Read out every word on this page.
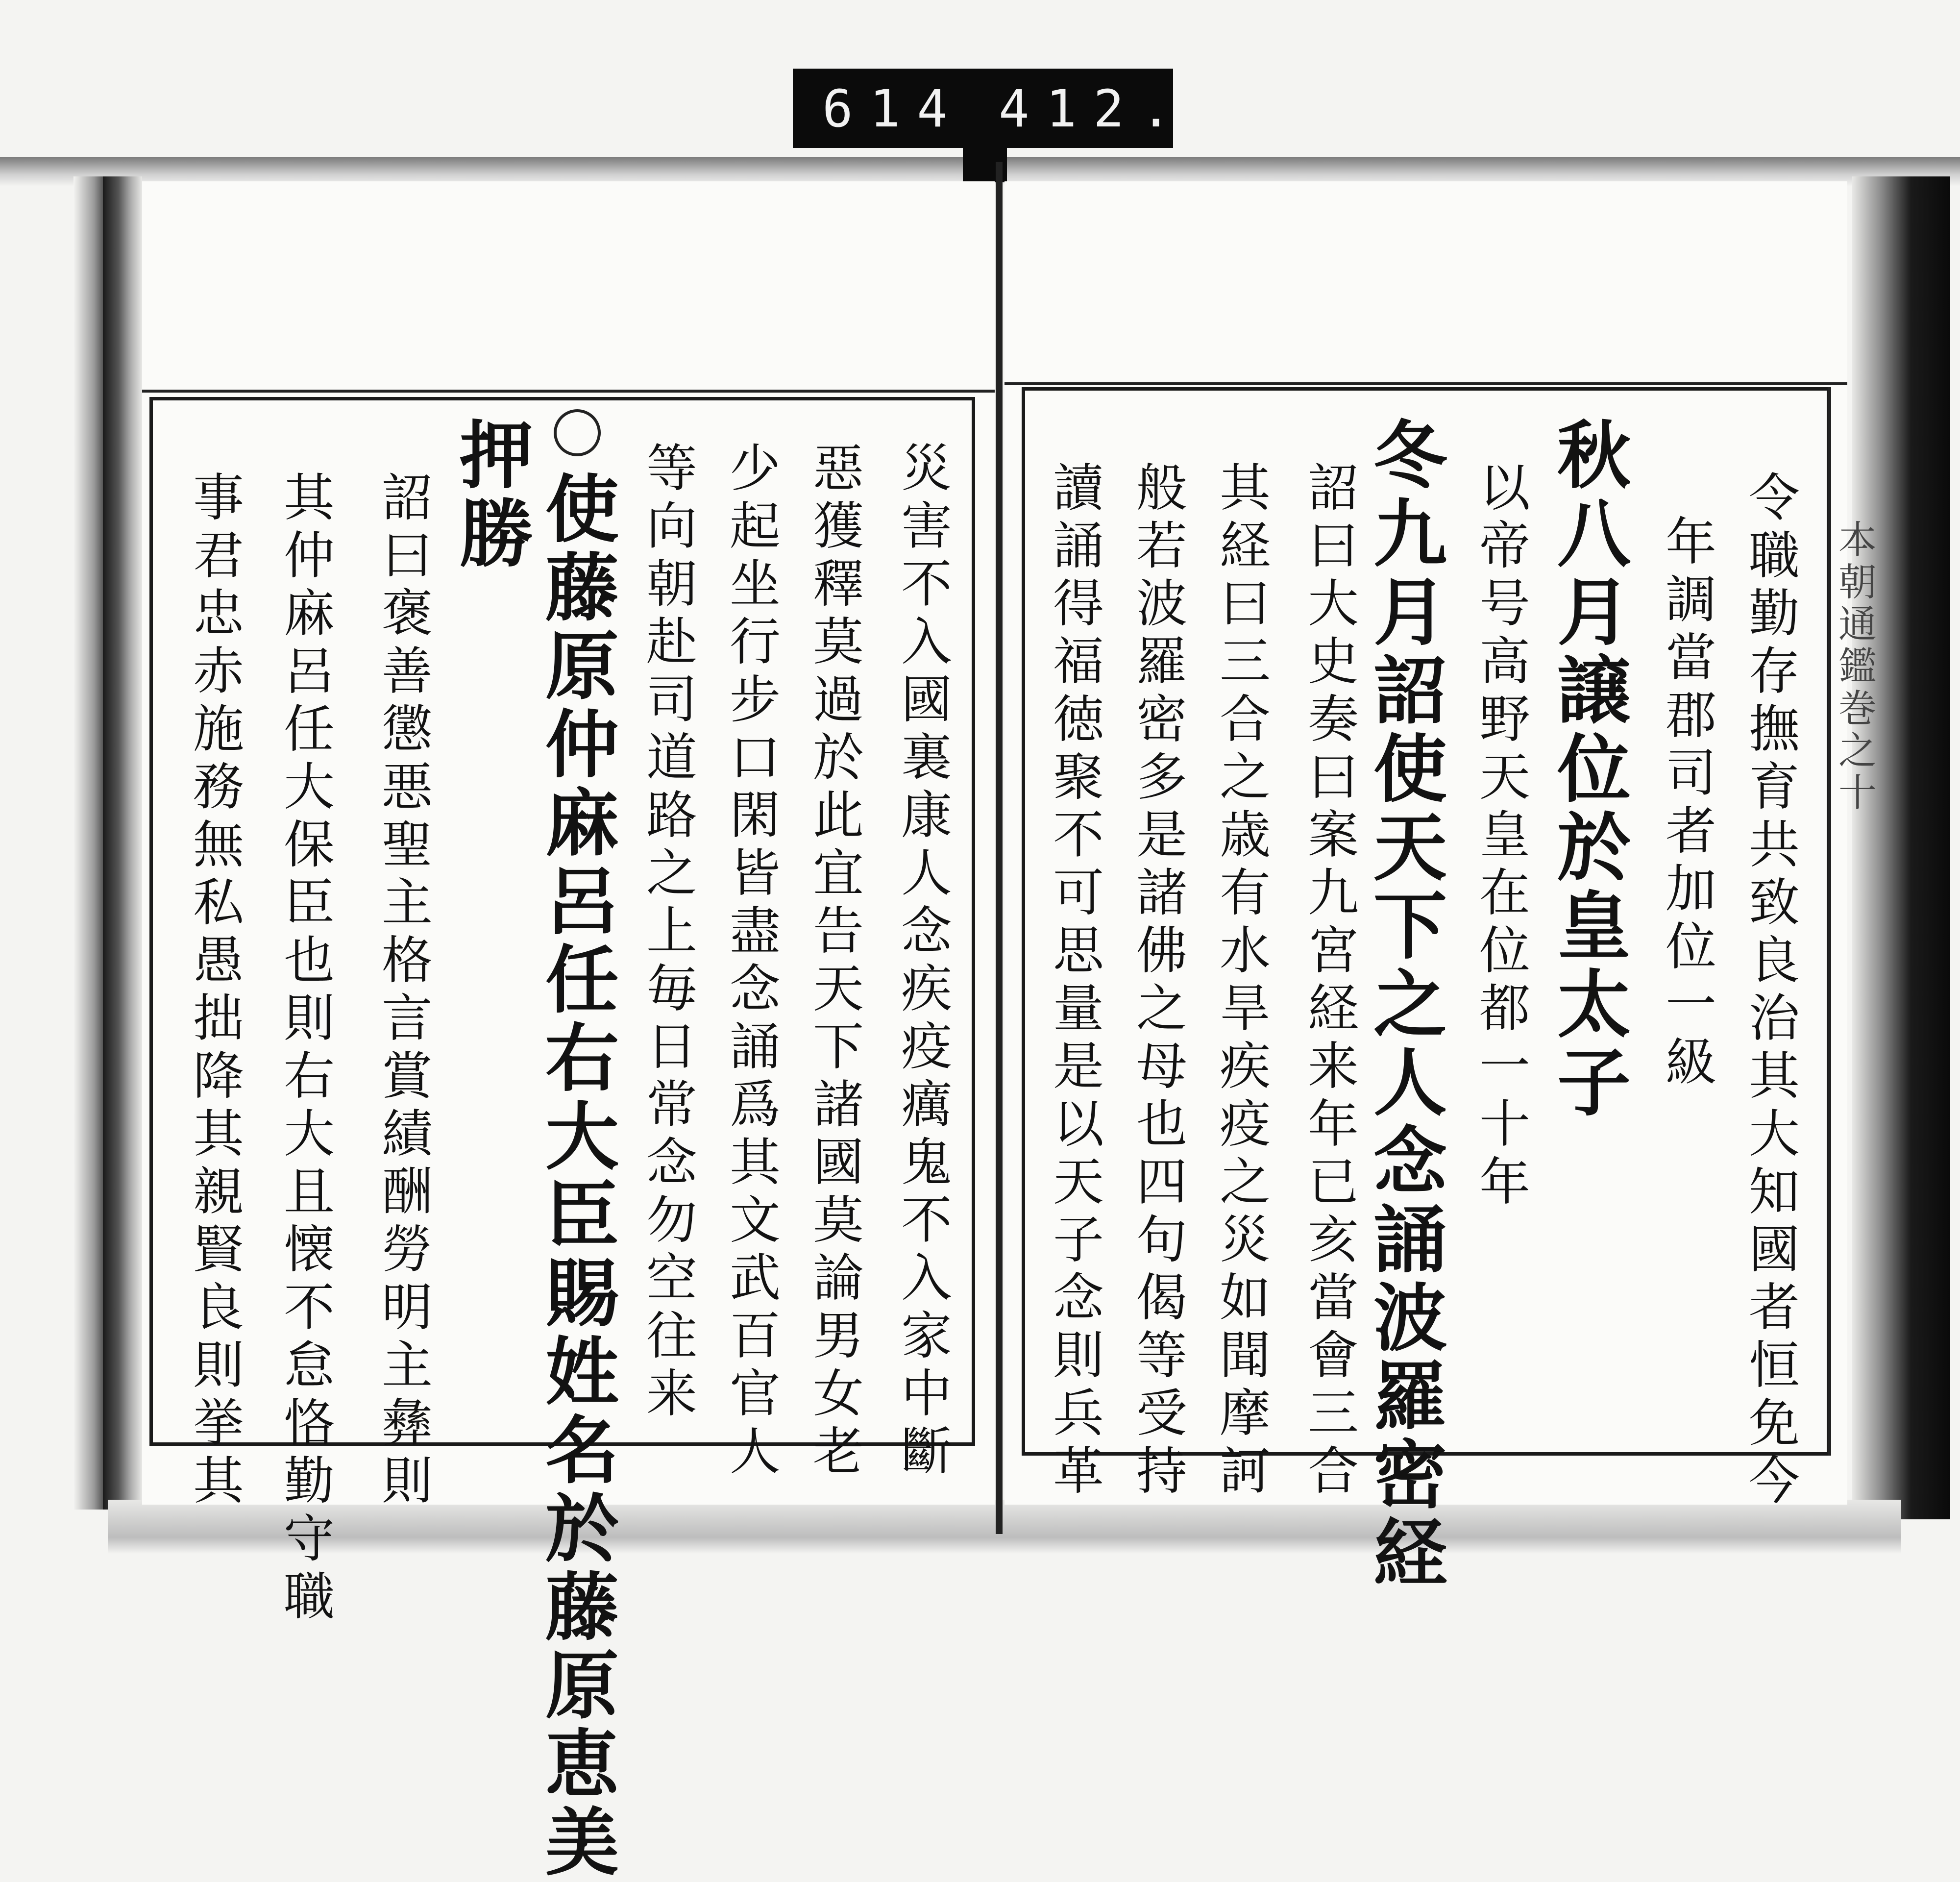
614 412.
災害不入國裏康人念疾疫癘鬼不入家中斷
惡獲釋莫過於此宜告天下諸國莫論男女老
少起坐行步口閑皆盡念誦爲其文武百官人
等向朝赴司道路之上毎日常念勿空往来
使藤原仲麻呂任右大臣賜姓名於藤原恵美
押勝
詔曰褒善懲悪聖主格言賞績酬勞明主彝則
其仲麻呂任大保臣也則右大且懐不怠恪勤守職
事君忠赤施務無私愚拙降其親賢良則挙其	本朝通鑑巻之十
令職勤存撫育共致良治其大知國者恒免今
年調當郡司者加位一級
秋八月譲位於皇太子
以帝号高野天皇在位都一十年
冬九月詔使天下之人念誦波羅密経
詔曰大史奏曰案九宮経来年已亥當會三合
其経曰三合之歳有水旱疾疫之災如聞摩訶
般若波羅密多是諸佛之母也四句偈等受持
讀誦得福徳聚不可思量是以天子念則兵革
